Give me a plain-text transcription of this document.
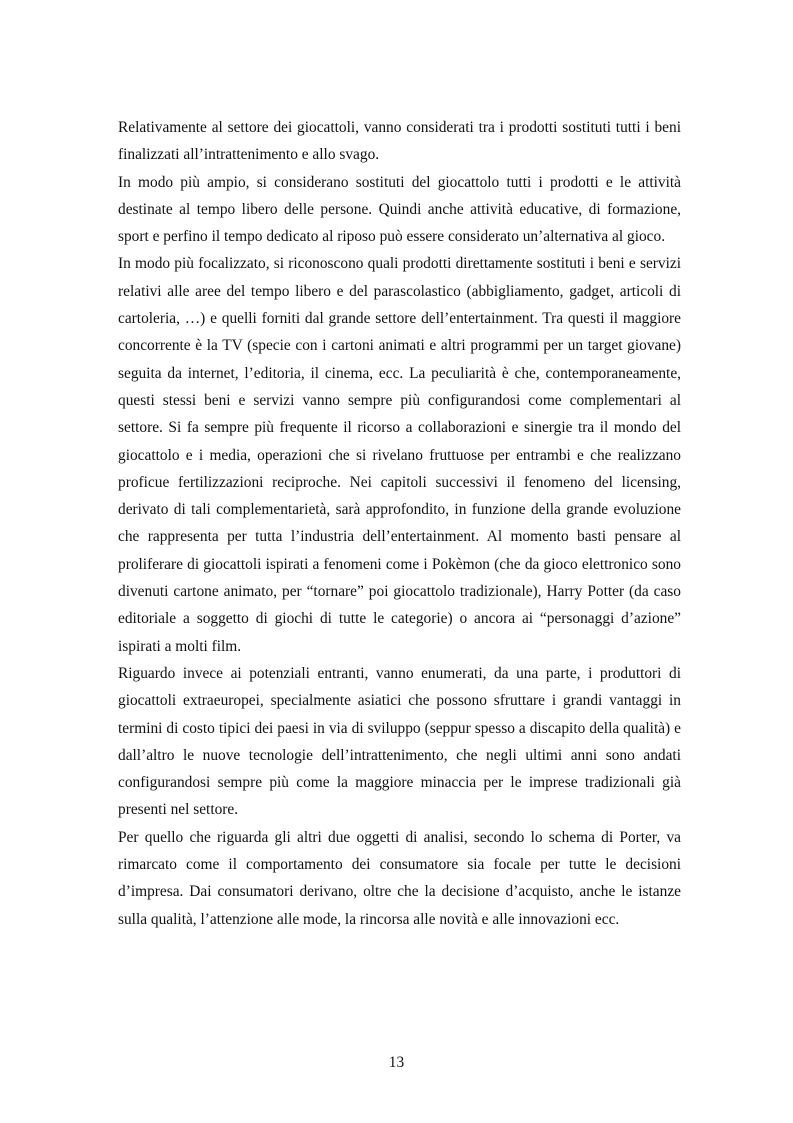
Relativamente al settore dei giocattoli, vanno considerati tra i prodotti sostituti tutti i beni finalizzati all’intrattenimento e allo svago.

In modo più ampio, si considerano sostituti del giocattolo tutti i prodotti e le attività destinate al tempo libero delle persone. Quindi anche attività educative, di formazione, sport e perfino il tempo dedicato al riposo può essere considerato un’alternativa al gioco.

In modo più focalizzato, si riconoscono quali prodotti direttamente sostituti i beni e servizi relativi alle aree del tempo libero e del parascolastico (abbigliamento, gadget, articoli di cartoleria, …) e quelli forniti dal grande settore dell’entertainment. Tra questi il maggiore concorrente è la TV (specie con i cartoni animati e altri programmi per un target giovane) seguita da internet, l’editoria, il cinema, ecc. La peculiarità è che, contemporaneamente, questi stessi beni e servizi vanno sempre più configurandosi come complementari al settore. Si fa sempre più frequente il ricorso a collaborazioni e sinergie tra il mondo del giocattolo e i media, operazioni che si rivelano fruttuose per entrambi e che realizzano proficue fertilizzazioni reciproche. Nei capitoli successivi il fenomeno del licensing, derivato di tali complementarietà, sarà approfondito, in funzione della grande evoluzione che rappresenta per tutta l’industria dell’entertainment. Al momento basti pensare al proliferare di giocattoli ispirati a fenomeni come i Pokèmon (che da gioco elettronico sono divenuti cartone animato, per “tornare” poi giocattolo tradizionale), Harry Potter (da caso editoriale a soggetto di giochi di tutte le categorie) o ancora ai “personaggi d’azione” ispirati a molti film.

Riguardo invece ai potenziali entranti, vanno enumerati, da una parte, i produttori di giocattoli extraeuropei, specialmente asiatici che possono sfruttare i grandi vantaggi in termini di costo tipici dei paesi in via di sviluppo (seppur spesso a discapito della qualità) e dall’altro le nuove tecnologie dell’intrattenimento, che negli ultimi anni sono andati configurandosi sempre più come la maggiore minaccia per le imprese tradizionali già presenti nel settore.

Per quello che riguarda gli altri due oggetti di analisi, secondo lo schema di Porter, va rimarcato come il comportamento dei consumatore sia focale per tutte le decisioni d’impresa. Dai consumatori derivano, oltre che la decisione d’acquisto, anche le istanze sulla qualità, l’attenzione alle mode, la rincorsa alle novità e alle innovazioni ecc.

13
